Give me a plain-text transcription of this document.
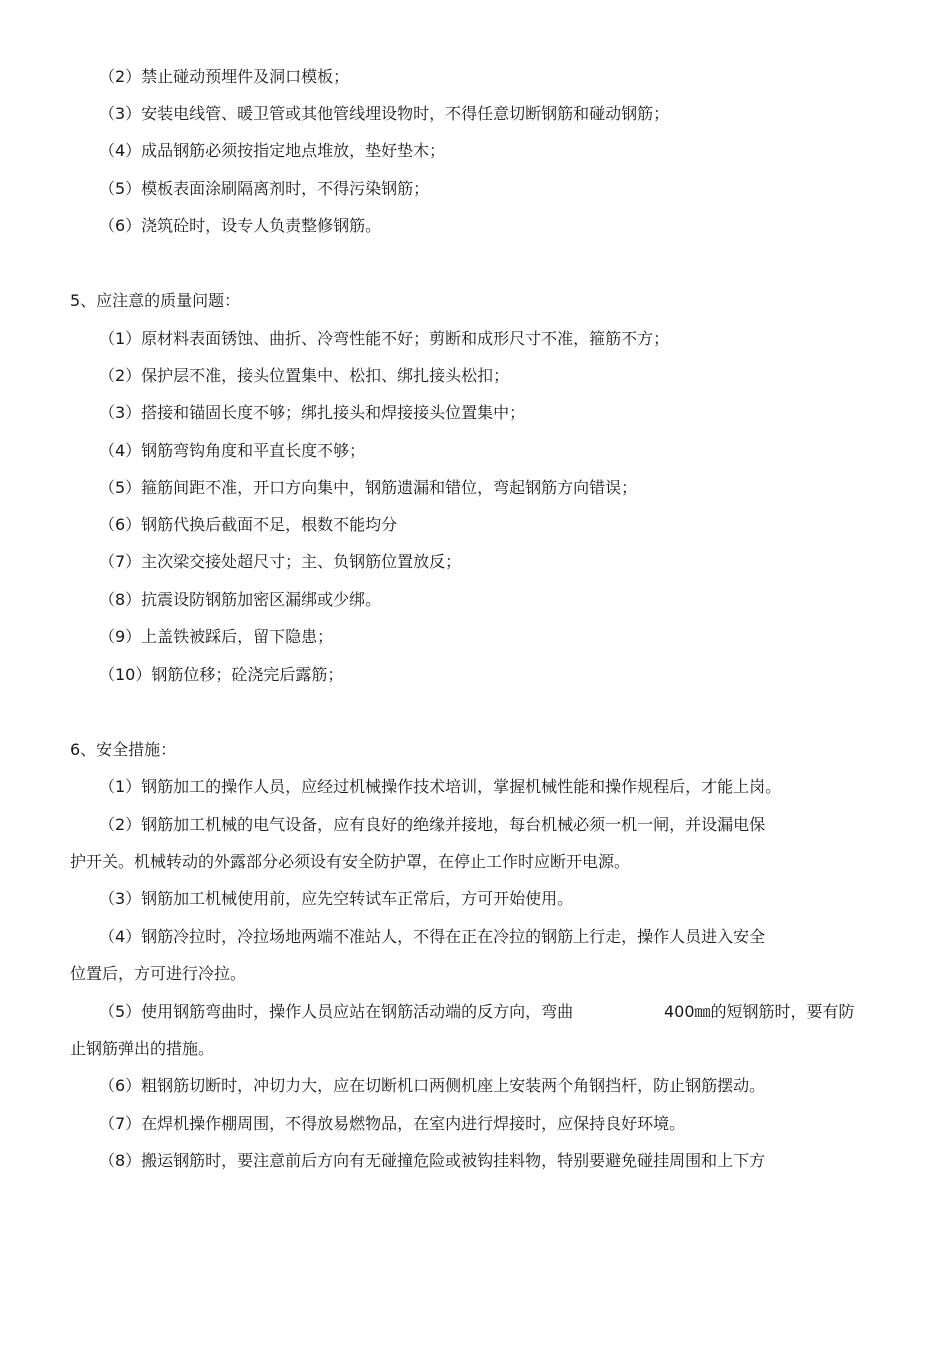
（2）禁止碰动预埋件及洞口模板；
（3）安装电线管、暖卫管或其他管线埋设物时，不得任意切断钢筋和碰动钢筋；
（4）成品钢筋必须按指定地点堆放，垫好垫木；
（5）模板表面涂刷隔离剂时，不得污染钢筋；
（6）浇筑砼时，设专人负责整修钢筋。
5、应注意的质量问题：
（1）原材料表面锈蚀、曲折、冷弯性能不好；剪断和成形尺寸不准，箍筋不方；
（2）保护层不准，接头位置集中、松扣、绑扎接头松扣；
（3）搭接和锚固长度不够；绑扎接头和焊接接头位置集中；
（4）钢筋弯钩角度和平直长度不够；
（5）箍筋间距不准，开口方向集中，钢筋遗漏和错位，弯起钢筋方向错误；
（6）钢筋代换后截面不足，根数不能均分
（7）主次梁交接处超尺寸；主、负钢筋位置放反；
（8）抗震设防钢筋加密区漏绑或少绑。
（9）上盖铁被踩后，留下隐患；
（10）钢筋位移；砼浇完后露筋；
6、安全措施：
（1）钢筋加工的操作人员，应经过机械操作技术培训，掌握机械性能和操作规程后，才能上岗。
（2）钢筋加工机械的电气设备，应有良好的绝缘并接地，每台机械必须一机一闸，并设漏电保
护开关。机械转动的外露部分必须设有安全防护罩，在停止工作时应断开电源。
（3）钢筋加工机械使用前，应先空转试车正常后，方可开始使用。
（4）钢筋冷拉时，冷拉场地两端不准站人，不得在正在冷拉的钢筋上行走，操作人员进入安全
位置后，方可进行冷拉。
（5）使用钢筋弯曲时，操作人员应站在钢筋活动端的反方向，弯曲	400㎜的短钢筋时，要有防
止钢筋弹出的措施。
（6）粗钢筋切断时，冲切力大，应在切断机口两侧机座上安装两个角钢挡杆，防止钢筋摆动。
（7）在焊机操作棚周围，不得放易燃物品，在室内进行焊接时，应保持良好环境。
（8）搬运钢筋时，要注意前后方向有无碰撞危险或被钩挂料物，特别要避免碰挂周围和上下方
